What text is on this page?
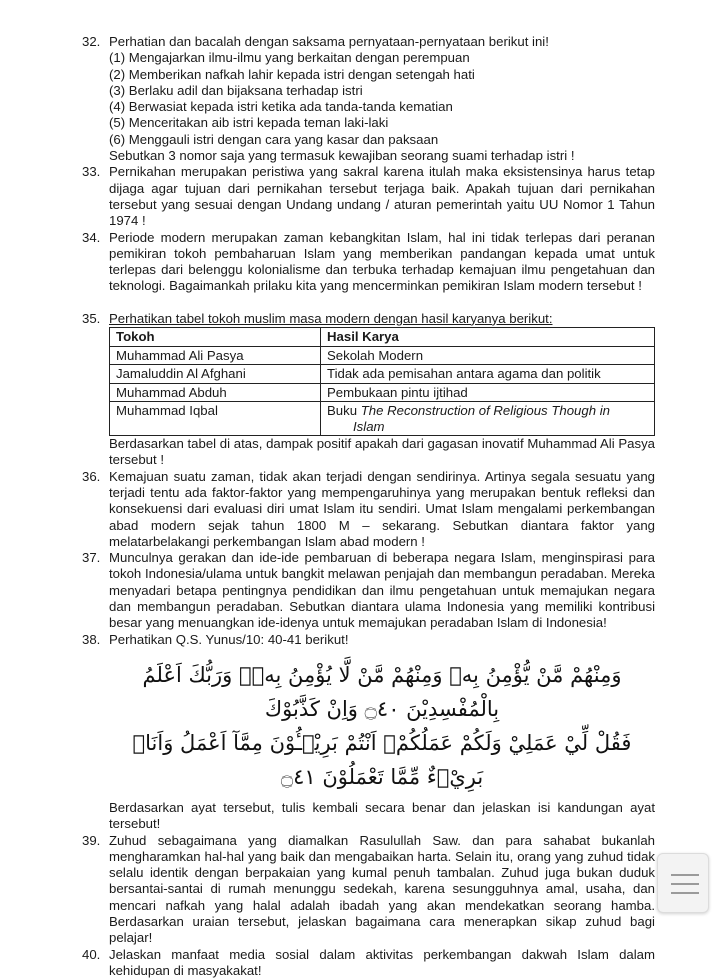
32. Perhatian dan bacalah dengan saksama pernyataan-pernyataan berikut ini!
(1) Mengajarkan ilmu-ilmu yang berkaitan dengan perempuan
(2) Memberikan nafkah lahir kepada istri dengan setengah hati
(3) Berlaku adil dan bijaksana terhadap istri
(4) Berwasiat kepada istri ketika ada tanda-tanda kematian
(5) Menceritakan aib istri kepada teman laki-laki
(6) Menggauli istri dengan cara yang kasar dan paksaan
Sebutkan 3 nomor saja yang termasuk kewajiban seorang suami terhadap istri !
33. Pernikahan merupakan peristiwa yang sakral karena itulah maka eksistensinya harus tetap dijaga agar tujuan dari pernikahan tersebut terjaga baik. Apakah tujuan dari pernikahan tersebut yang sesuai dengan Undang undang / aturan pemerintah yaitu UU Nomor 1 Tahun 1974 !
34. Periode modern merupakan zaman kebangkitan Islam, hal ini tidak terlepas dari peranan pemikiran tokoh pembaharuan Islam yang memberikan pandangan kepada umat untuk terlepas dari belenggu kolonialisme dan terbuka terhadap kemajuan ilmu pengetahuan dan teknologi. Bagaimankah prilaku kita yang mencerminkan pemikiran Islam modern tersebut !
35. Perhatikan tabel tokoh muslim masa modern dengan hasil karyanya berikut:
Tokoh	Hasil Karya
Muhammad Ali Pasya	Sekolah Modern
Jamaluddin Al Afghani	Tidak ada pemisahan antara agama dan politik
Muhammad Abduh	Pembukaan pintu ijtihad
Muhammad Iqbal	Buku The Reconstruction of Religious Though in
Islam
Berdasarkan tabel di atas, dampak positif apakah dari gagasan inovatif Muhammad Ali Pasya tersebut !
36. Kemajuan suatu zaman, tidak akan terjadi dengan sendirinya. Artinya segala sesuatu yang terjadi tentu ada faktor-faktor yang mempengaruhinya yang merupakan bentuk refleksi dan konsekuensi dari evaluasi diri umat Islam itu sendiri. Umat Islam mengalami perkembangan abad modern sejak tahun 1800 M – sekarang. Sebutkan diantara faktor yang melatarbelakangi perkembangan Islam abad modern !
37. Munculnya gerakan dan ide-ide pembaruan di beberapa negara Islam, menginspirasi para tokoh Indonesia/ulama untuk bangkit melawan penjajah dan membangun peradaban. Mereka menyadari betapa pentingnya pendidikan dan ilmu pengetahuan untuk memajukan negara dan membangun peradaban. Sebutkan diantara ulama Indonesia yang memiliki kontribusi besar yang menuangkan ide-idenya untuk memajukan peradaban Islam di Indonesia!
38. Perhatikan Q.S. Yunus/10: 40-41 berikut!
وَمِنْهُمْ مَّنْ يُّؤْمِنُ بِهٖ وَمِنْهُمْ مَّنْ لَّا يُؤْمِنُ بِهٖۗ وَرَبُّكَ اَعْلَمُ بِالْمُفْسِدِيْنَ ۝٤٠ وَاِنْ كَذَّبُوْكَ
فَقُلْ لِّيْ عَمَلِيْ وَلَكُمْ عَمَلُكُمْۚ اَنْتُمْ بَرِيْۤـُٔوْنَ مِمَّآ اَعْمَلُ وَاَنَا۠ بَرِيْۤءٌ مِّمَّا تَعْمَلُوْنَ ۝٤١
Berdasarkan ayat tersebut, tulis kembali secara benar dan jelaskan isi kandungan ayat tersebut!
39. Zuhud sebagaimana yang diamalkan Rasulullah Saw. dan para sahabat bukanlah mengharamkan hal-hal yang baik dan mengabaikan harta. Selain itu, orang yang zuhud tidak selalu identik dengan berpakaian yang kumal penuh tambalan. Zuhud juga bukan duduk bersantai-santai di rumah menunggu sedekah, karena sesungguhnya amal, usaha, dan mencari nafkah yang halal adalah ibadah yang akan mendekatkan seorang hamba. Berdasarkan uraian tersebut, jelaskan bagaimana cara menerapkan sikap zuhud bagi pelajar!
40. Jelaskan manfaat media sosial dalam aktivitas perkembangan dakwah Islam dalam kehidupan di masyakakat!
